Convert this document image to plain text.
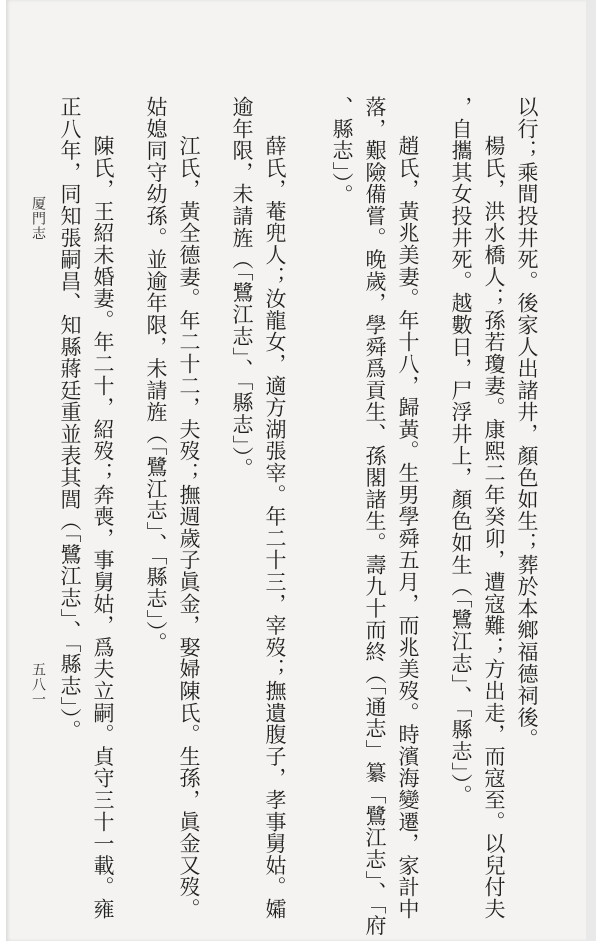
以行；乘間投井死。後家人出諸井，顏色如生；葬於本鄉福德祠後。
楊氏，洪水橋人；孫若瓊妻。康熙二年癸卯，遭寇難；方出走，而寇至。以兒付夫
，自攜其女投井死。越數日，尸浮井上，顏色如生（「鷺江志」、「縣志」）。
趙氏，黃兆美妻。年十八，歸黃。生男學舜五月，而兆美歿。時濱海變遷，家計中
落，艱險備嘗。晚歲，學舜爲貢生、孫閣諸生。壽九十而終（「通志」纂「鷺江志」、「府
、縣志」）。
薛氏，菴兜人；汝龍女，適方湖張宰。年二十三，宰歿；撫遺腹子，孝事舅姑。孀
逾年限，未請旌（「鷺江志」、「縣志」）。
江氏，黃全德妻。年二十二，夫歿；撫週歲子眞金，娶婦陳氏。生孫，眞金又歿。
姑媳同守幼孫。並逾年限，未請旌（「鷺江志」、「縣志」）。
陳氏，王紹未婚妻。年二十，紹歿；奔喪，事舅姑，爲夫立嗣。貞守三十一載。雍
正八年，同知張嗣昌、知縣蔣廷重並表其閭（「鷺江志」、「縣志」）。
厦門志
五八一
